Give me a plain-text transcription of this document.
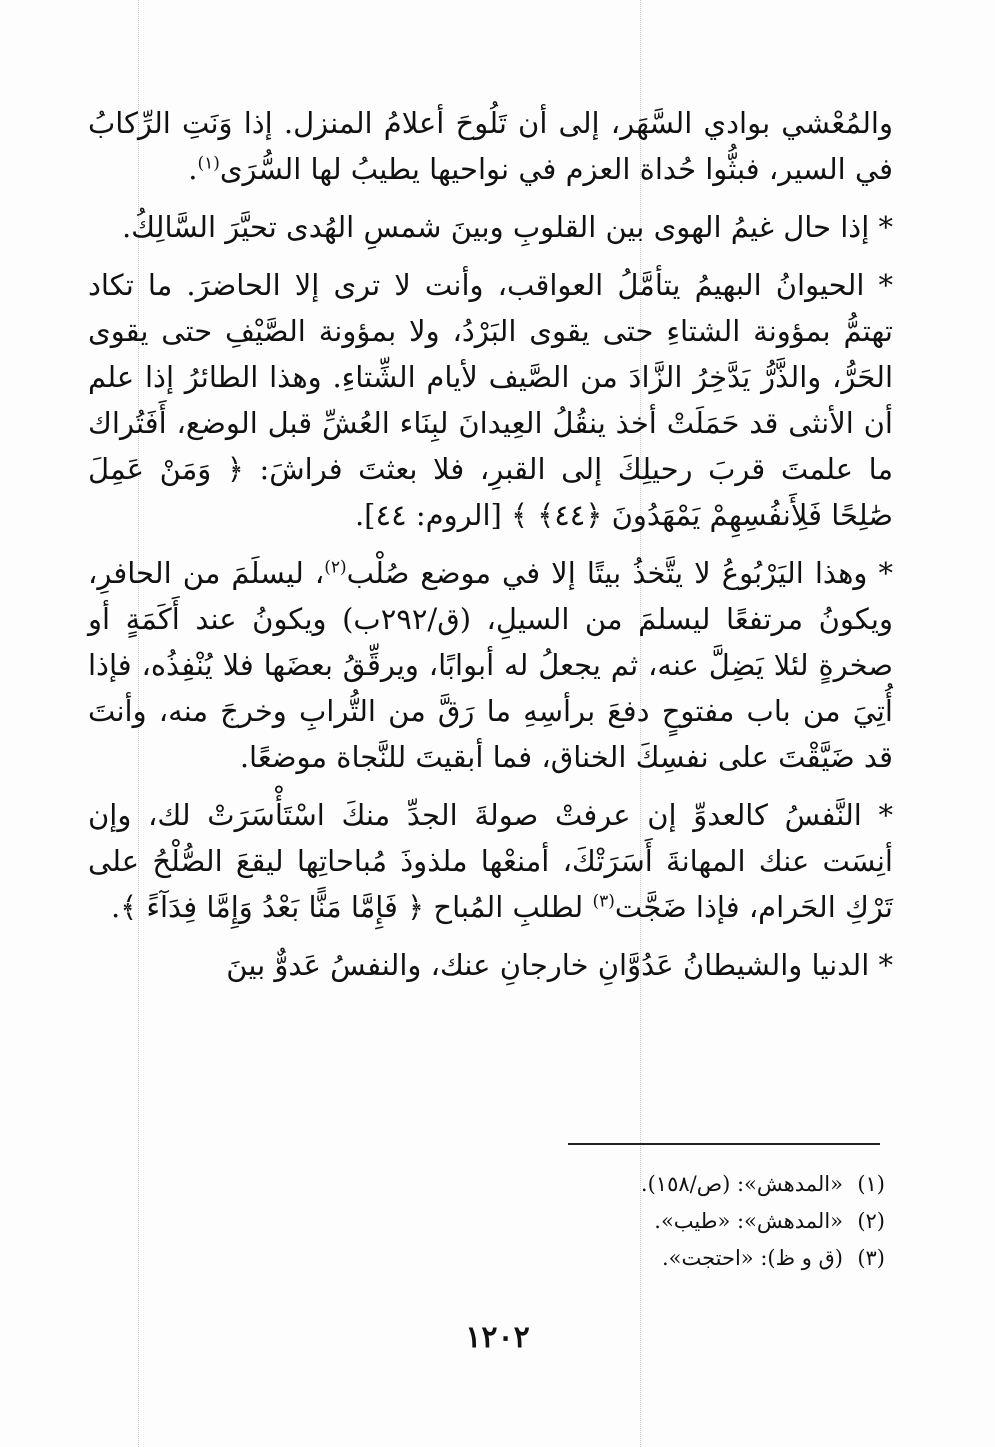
والمُعْشي بوادي السَّهَر، إلى أن تَلُوحَ أعلامُ المنزل. إذا وَنَتِ الرِّكابُ في السير، فبثُّوا حُداة العزم في نواحيها يطيبُ لها السُّرَى$^{(١)}$.

* إذا حال غيمُ الهوى بين القلوبِ وبينَ شمسِ الهُدى تحيَّرَ السَّالِكُ.

* الحيوانُ البهيمُ يتأمَّلُ العواقب، وأنت لا ترى إلا الحاضرَ. ما تكاد تهتمُّ بمؤونة الشتاءِ حتى يقوى البَرْدُ، ولا بمؤونة الصَّيْفِ حتى يقوى الحَرُّ، والذَّرُّ يَدَّخِرُ الزَّادَ من الصَّيف لأيام الشِّتاءِ. وهذا الطائرُ إذا علم أن الأنثى قد حَمَلَتْ أخذ ينقُلُ العِيدانَ لبِنَاء العُشِّ قبل الوضع، أَفَتُراك ما علمتَ قربَ رحيلِكَ إلى القبرِ، فلا بعثتَ فراشَ: ﴿ وَمَنْ عَمِلَ صَٰلِحًا فَلِأَنفُسِهِمْ يَمْهَدُونَ ﴿٤٤﴾ ﴾ [الروم: ٤٤].

* وهذا اليَرْبُوعُ لا يتَّخذُ بيتًا إلا في موضع صُلْب$^{(٢)}$، ليسلَمَ من الحافرِ، ويكونُ مرتفعًا ليسلمَ من السيلِ، (ق/٢٩٢ب) ويكونُ عند أَكَمَةٍ أو صخرةٍ لئلا يَضِلَّ عنه، ثم يجعلُ له أبوابًا، ويرقِّقُ بعضَها فلا يُنْفِذُه، فإذا أُتِيَ من باب مفتوحٍ دفعَ برأسِهِ ما رَقَّ من التُّرابِ وخرجَ منه، وأنتَ قد ضَيَّقْتَ على نفسِكَ الخناق، فما أبقيتَ للنَّجاة موضعًا.

* النَّفسُ كالعدوِّ إن عرفتْ صولةَ الجدِّ منكَ اسْتَأْسَرَتْ لك، وإن أنِسَت عنك المهانةَ أَسَرَتْكَ، أمنعْها ملذوذَ مُباحاتِها ليقعَ الصُّلْحُ على تَرْكِ الحَرام، فإذا ضَجَّت$^{(٣)}$ لطلبِ المُباح ﴿ فَإِمَّا مَنًّا بَعْدُ وَإِمَّا فِدَآءً ﴾.

* الدنيا والشيطانُ عَدُوَّانِ خارجانِ عنك، والنفسُ عَدوٌّ بينَ

(١)«المدهش»: (ص/١٥٨).
(٢)«المدهش»: «طيب».
(٣)(ق و ظ): «احتجت».
١٢٠٢
